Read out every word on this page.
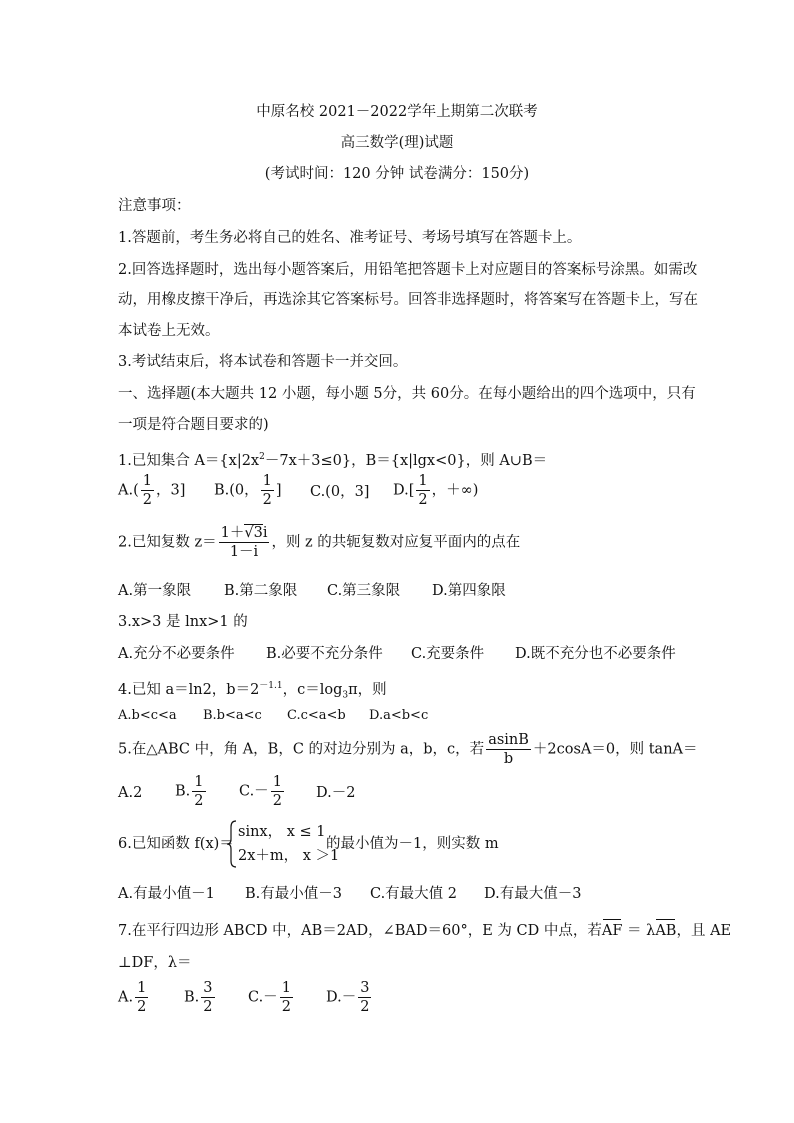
中原名校 2021－2022学年上期第二次联考
高三数学(理)试题
(考试时间：120 分钟 试卷满分：150分)
注意事项：
1.答题前，考生务必将自己的姓名、准考证号、考场号填写在答题卡上。
2.回答选择题时，选出每小题答案后，用铅笔把答题卡上对应题目的答案标号涂黑。如需改
动，用橡皮擦干净后，再选涂其它答案标号。回答非选择题时，将答案写在答题卡上，写在
本试卷上无效。
3.考试结束后，将本试卷和答题卡一并交回。
一、选择题(本大题共 12 小题，每小题 5分，共 60分。在每小题给出的四个选项中，只有
一项是符合题目要求的)
1.已知集合 $A=\{x|2x^2-7x+3\le 0\}$，B＝{x|lgx<0}，则 A∪B＝
$A.( \frac{1}{2}$ ，3] B.(0， $\frac{1}{2}$ ] C.(0，3] $D.[ \frac{1}{2}$ ，＋∞)
2.已知复数 $z= \frac{1+√3i}{1-i}$ ，则 z 的共轭复数对应复平面内的点在
A.第一象限 B.第二象限 C.第三象限 D.第四象限
3.x>3 是 lnx>1 的
A.充分不必要条件 B.必要不充分条件 C.充要条件 D.既不充分也不必要条件
4.已知 a＝ln2，$b=2^{-1.1}$，$c=\log_3\pi$，则
A.b<c<a B.b<a<c C.c<a<b D.a<b<c
5.在△ABC 中，角 A，B，C 的对边分别为 a，b，c，若 $\frac{asinB}{b} +2\cos A=0$，则 tanA＝
A.2 B. $\frac{1}{2} C.- \frac{1}{2} D.-2$
6.已知函数 f(x)＝
sinx， x ≤ 1
2x＋m， x ＞1
的最小值为－1，则实数 m
A.有最小值－1 B.有最小值－3 C.有最大值 2 D.有最大值－3
7.在平行四边形 ABCD 中，AB＝2AD，∠BAD＝60°，E 为 CD 中点，若AF ＝ λAB，且 AE
⊥DF，λ＝
A. $\frac{1}{2} B$. $\frac{3}{2} C.- \frac{1}{2} D.- \frac{3}{2}$
